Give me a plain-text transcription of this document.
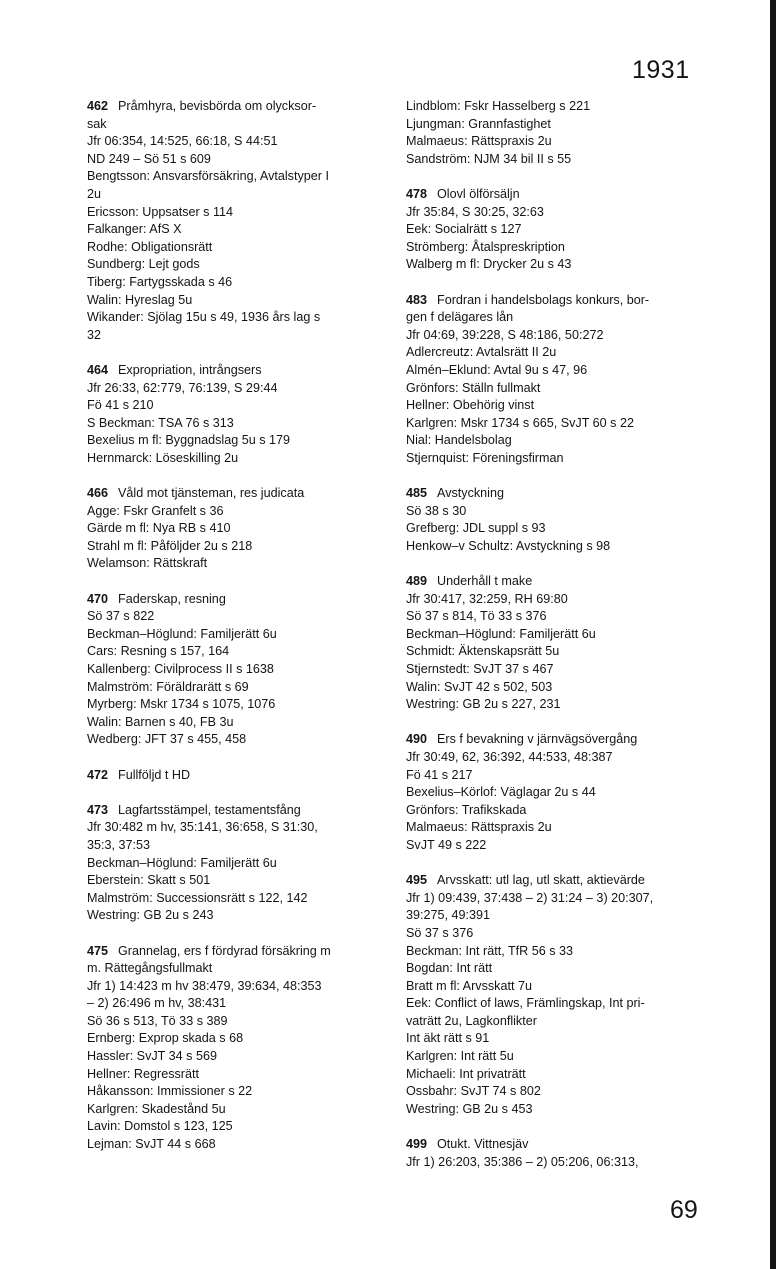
1931
462 Pråmhyra, bevisbörda om olycksor-
sak
Jfr 06:354, 14:525, 66:18, S 44:51
ND 249 – Sö 51 s 609
Bengtsson: Ansvarsförsäkring, Avtalstyper I
2u
Ericsson: Uppsatser s 114
Falkanger: AfS X
Rodhe: Obligationsrätt
Sundberg: Lejt gods
Tiberg: Fartygsskada s 46
Walin: Hyreslag 5u
Wikander: Sjölag 15u s 49, 1936 års lag s
32
464 Expropriation, intrångsers
Jfr 26:33, 62:779, 76:139, S 29:44
Fö 41 s 210
S Beckman: TSA 76 s 313
Bexelius m fl: Byggnadslag 5u s 179
Hernmarck: Löseskilling 2u
466 Våld mot tjänsteman, res judicata
Agge: Fskr Granfelt s 36
Gärde m fl: Nya RB s 410
Strahl m fl: Påföljder 2u s 218
Welamson: Rättskraft
470 Faderskap, resning
Sö 37 s 822
Beckman–Höglund: Familjerätt 6u
Cars: Resning s 157, 164
Kallenberg: Civilprocess II s 1638
Malmström: Föräldrarätt s 69
Myrberg: Mskr 1734 s 1075, 1076
Walin: Barnen s 40, FB 3u
Wedberg: JFT 37 s 455, 458
472 Fullföljd t HD
473 Lagfartsstämpel, testamentsfång
Jfr 30:482 m hv, 35:141, 36:658, S 31:30,
35:3, 37:53
Beckman–Höglund: Familjerätt 6u
Eberstein: Skatt s 501
Malmström: Successionsrätt s 122, 142
Westring: GB 2u s 243
475 Grannelag, ers f fördyrad försäkring m
m. Rättegångsfullmakt
Jfr 1) 14:423 m hv 38:479, 39:634, 48:353
– 2) 26:496 m hv, 38:431
Sö 36 s 513, Tö 33 s 389
Ernberg: Exprop skada s 68
Hassler: SvJT 34 s 569
Hellner: Regressrätt
Håkansson: Immissioner s 22
Karlgren: Skadestånd 5u
Lavin: Domstol s 123, 125
Lejman: SvJT 44 s 668
Lindblom: Fskr Hasselberg s 221
Ljungman: Grannfastighet
Malmaeus: Rättspraxis 2u
Sandström: NJM 34 bil II s 55
478 Olovl ölförsäljn
Jfr 35:84, S 30:25, 32:63
Eek: Socialrätt s 127
Strömberg: Åtalspreskription
Walberg m fl: Drycker 2u s 43
483 Fordran i handelsbolags konkurs, bor-
gen f delägares lån
Jfr 04:69, 39:228, S 48:186, 50:272
Adlercreutz: Avtalsrätt II 2u
Almén–Eklund: Avtal 9u s 47, 96
Grönfors: Ställn fullmakt
Hellner: Obehörig vinst
Karlgren: Mskr 1734 s 665, SvJT 60 s 22
Nial: Handelsbolag
Stjernquist: Föreningsfirman
485 Avstyckning
Sö 38 s 30
Grefberg: JDL suppl s 93
Henkow–v Schultz: Avstyckning s 98
489 Underhåll t make
Jfr 30:417, 32:259, RH 69:80
Sö 37 s 814, Tö 33 s 376
Beckman–Höglund: Familjerätt 6u
Schmidt: Äktenskapsrätt 5u
Stjernstedt: SvJT 37 s 467
Walin: SvJT 42 s 502, 503
Westring: GB 2u s 227, 231
490 Ers f bevakning v järnvägsövergång
Jfr 30:49, 62, 36:392, 44:533, 48:387
Fö 41 s 217
Bexelius–Körlof: Väglagar 2u s 44
Grönfors: Trafikskada
Malmaeus: Rättspraxis 2u
SvJT 49 s 222
495 Arvsskatt: utl lag, utl skatt, aktievärde
Jfr 1) 09:439, 37:438 – 2) 31:24 – 3) 20:307,
39:275, 49:391
Sö 37 s 376
Beckman: Int rätt, TfR 56 s 33
Bogdan: Int rätt
Bratt m fl: Arvsskatt 7u
Eek: Conflict of laws, Främlingskap, Int pri-
vaträtt 2u, Lagkonflikter
Int äkt rätt s 91
Karlgren: Int rätt 5u
Michaeli: Int privaträtt
Ossbahr: SvJT 74 s 802
Westring: GB 2u s 453
499 Otukt. Vittnesjäv
Jfr 1) 26:203, 35:386 – 2) 05:206, 06:313,
69
